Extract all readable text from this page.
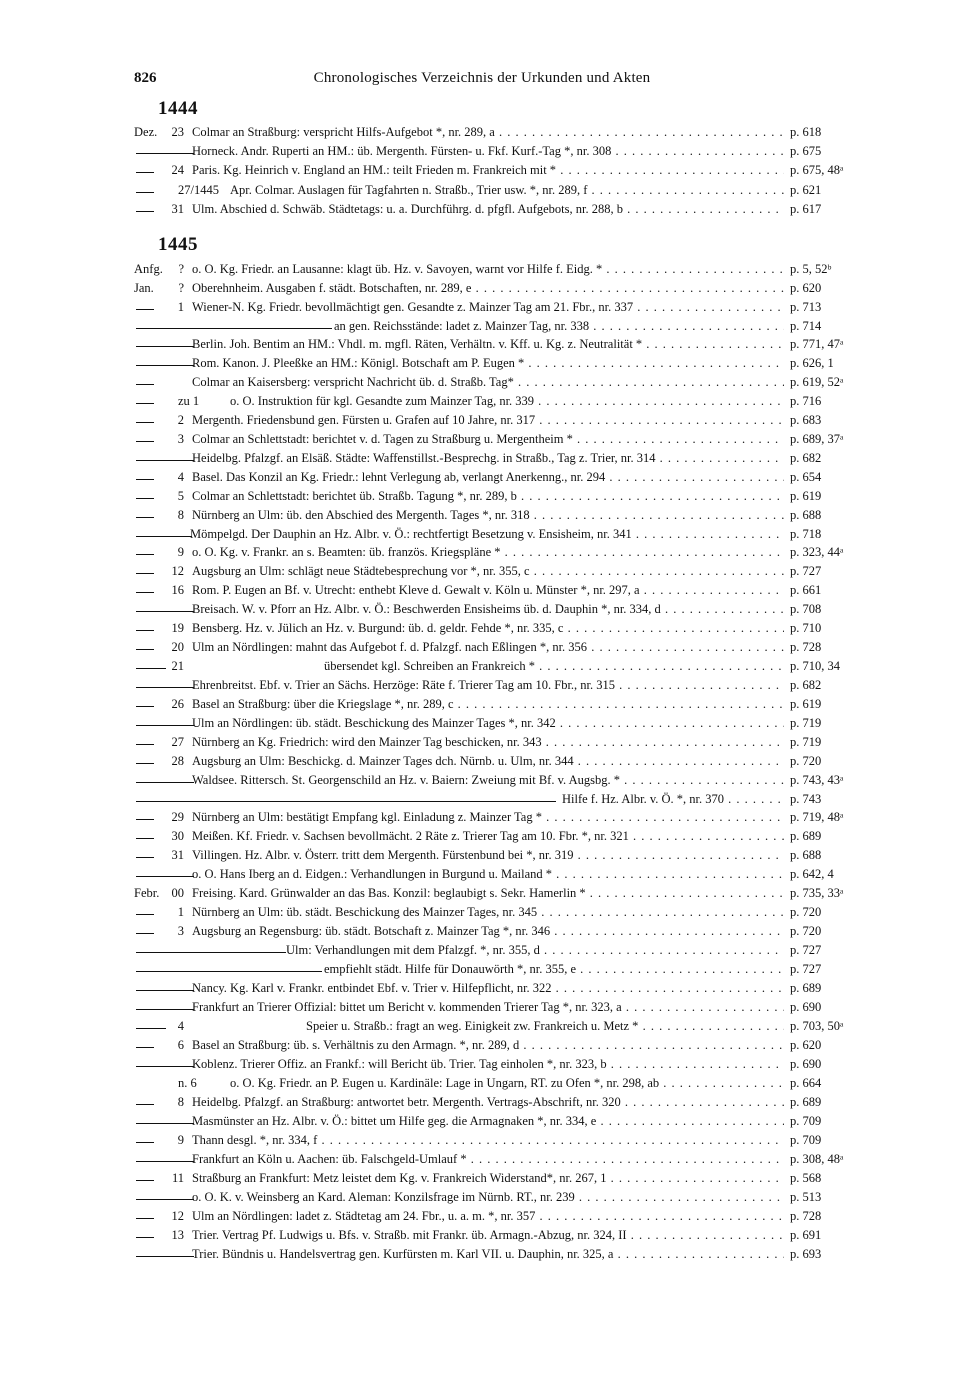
826	Chronologisches Verzeichnis der Urkunden und Akten
1444
Dez.	23 Colmar an Straßburg: verspricht Hilfs-Aufgebot *, nr. 289, a . . .	p. 618
Horneck. Andr. Ruperti an HM.: üb. Mergenth. Fürsten- u. Fkf. Kurf.-Tag *, nr. 308 . . .	p. 675
24 Paris. Kg. Heinrich v. England an HM.: teilt Frieden m. Frankreich mit * . . .	p. 675, 48ᵃ
27/1445 Apr. Colmar. Auslagen für Tagfahrten n. Straßb., Trier usw. *, nr. 289, f . . .	p. 621
31 Ulm. Abschied d. Schwäb. Städtetags: u. a. Durchführg. d. pfgfl. Aufgebots, nr. 288, b . . .	p. 617
1445
Anfg.	? o. O. Kg. Friedr. an Lausanne: klagt üb. Hz. v. Savoyen, warnt vor Hilfe f. Eidg. * . . .	p. 5, 52ᵇ
Jan.	? Oberehnheim. Ausgaben f. städt. Botschaften, nr. 289, e . . .	p. 620
1 Wiener-N. Kg. Friedr. bevollmächtigt gen. Gesandte z. Mainzer Tag am 21. Fbr., nr. 337 . . .	p. 713
an gen. Reichsstände: ladet z. Mainzer Tag, nr. 338 . . .	p. 714
Berlin. Joh. Bentim an HM.: Vhdl. m. mgfl. Räten, Verhältn. v. Kff. u. Kg. z. Neutralität * . . .	p. 771, 47ᵃ
Rom. Kanon. J. Pleeßke an HM.: Königl. Botschaft am P. Eugen * . . .	p. 626, 1
Colmar an Kaisersberg: verspricht Nachricht üb. d. Straßb. Tag* . . .	p. 619, 52ᵃ
zu 1 o. O. Instruktion für kgl. Gesandte zum Mainzer Tag, nr. 339 . . .	p. 716
2 Mergenth. Friedensbund gen. Fürsten u. Grafen auf 10 Jahre, nr. 317 . . .	p. 683
3 Colmar an Schlettstadt: berichtet v. d. Tagen zu Straßburg u. Mergentheim * . . .	p. 689, 37ᵃ
Heidelbg. Pfalzgf. an Elsäß. Städte: Waffenstillst.-Besprechg. in Straßb., Tag z. Trier, nr. 314 . . .	p. 682
4 Basel. Das Konzil an Kg. Friedr.: lehnt Verlegung ab, verlangt Anerkenng., nr. 294 . . .	p. 654
5 Colmar an Schlettstadt: berichtet üb. Straßb. Tagung *, nr. 289, b . . .	p. 619
8 Nürnberg an Ulm: üb. den Abschied des Mergenth. Tages *, nr. 318 . . .	p. 688
Mömpelgd. Der Dauphin an Hz. Albr. v. Ö.: rechtfertigt Besetzung v. Ensisheim, nr. 341 . . .	p. 718
9 o. O. Kg. v. Frankr. an s. Beamten: üb. französ. Kriegspläne * . . .	p. 323, 44ᵃ
12 Augsburg an Ulm: schlägt neue Städtebesprechung vor *, nr. 355, c . . .	p. 727
16 Rom. P. Eugen an Bf. v. Utrecht: enthebt Kleve d. Gewalt v. Köln u. Münster *, nr. 297, a . . .	p. 661
Breisach. W. v. Pforr an Hz. Albr. v. Ö.: Beschwerden Ensisheims üb. d. Dauphin *, nr. 334, d . . .	p. 708
19 Bensberg. Hz. v. Jülich an Hz. v. Burgund: üb. d. geldr. Fehde *, nr. 335, c . . .	p. 710
20 Ulm an Nördlingen: mahnt das Aufgebot f. d. Pfalzgf. nach Eßlingen *, nr. 356 . . .	p. 728
21	übersendet kgl. Schreiben an Frankreich * . . .	p. 710, 34
Ehrenbreitst. Ebf. v. Trier an Sächs. Herzöge: Räte f. Trierer Tag am 10. Fbr., nr. 315 . . .	p. 682
26 Basel an Straßburg: über die Kriegslage *, nr. 289, c . . .	p. 619
Ulm an Nördlingen: üb. städt. Beschickung des Mainzer Tages *, nr. 342 . . .	p. 719
27 Nürnberg an Kg. Friedrich: wird den Mainzer Tag beschicken, nr. 343 . . .	p. 719
28 Augsburg an Ulm: Beschickg. d. Mainzer Tages dch. Nürnb. u. Ulm, nr. 344 . . .	p. 720
Waldsee. Rittersch. St. Georgenschild an Hz. v. Baiern: Zweiung mit Bf. v. Augsbg. * . . .	p. 743, 43ᵃ
Hilfe f. Hz. Albr. v. Ö. *, nr. 370 . . .	p. 743
29 Nürnberg an Ulm: bestätigt Empfang kgl. Einladung z. Mainzer Tag * . . .	p. 719, 48ᵃ
30 Meißen. Kf. Friedr. v. Sachsen bevollmächt. 2 Räte z. Trierer Tag am 10. Fbr. *, nr. 321 . . .	p. 689
31 Villingen. Hz. Albr. v. Österr. tritt dem Mergenth. Fürstenbund bei *, nr. 319 . . .	p. 688
o. O. Hans Iberg an d. Eidgen.: Verhandlungen in Burgund u. Mailand * . . .	p. 642, 4
Febr. 00 Freising. Kard. Grünwalder an das Bas. Konzil: beglaubigt s. Sekr. Hamerlin * . . .	p. 735, 33ᵃ
1 Nürnberg an Ulm: üb. städt. Beschickung des Mainzer Tages, nr. 345 . . .	p. 720
3 Augsburg an Regensburg: üb. städt. Botschaft z. Mainzer Tag *, nr. 346 . . .	p. 720
Ulm: Verhandlungen mit dem Pfalzgf. *, nr. 355, d . . .	p. 727
empfiehlt städt. Hilfe für Donauwörth *, nr. 355, e . . .	p. 727
Nancy. Kg. Karl v. Frankr. entbindet Ebf. v. Trier v. Hilfepflicht, nr. 322 . . .	p. 689
Frankfurt an Trierer Offizial: bittet um Bericht v. kommenden Trierer Tag *, nr. 323, a . . .	p. 690
4	Speier u. Straßb.: fragt an weg. Einigkeit zw. Frankreich u. Metz * . . .	p. 703, 50ᵃ
6 Basel an Straßburg: üb. s. Verhältnis zu den Armagn. *, nr. 289, d . . .	p. 620
Koblenz. Trierer Offiz. an Frankf.: will Bericht üb. Trier. Tag einholen *, nr. 323, b . . .	p. 690
n. 6	o. O. Kg. Friedr. an P. Eugen u. Kardinäle: Lage in Ungarn, RT. zu Ofen *, nr. 298, ab . . .	p. 664
8 Heidelbg. Pfalzgf. an Straßburg: antwortet betr. Mergenth. Vertrags-Abschrift, nr. 320 . . .	p. 689
Masmünster an Hz. Albr. v. Ö.: bittet um Hilfe geg. die Armagnaken *, nr. 334, e . . .	p. 709
9 Thann desgl. *, nr. 334, f . . .	p. 709
Frankfurt an Köln u. Aachen: üb. Falschgeld-Umlauf * . . .	p. 308, 48ᵃ
11 Straßburg an Frankfurt: Metz leistet dem Kg. v. Frankreich Widerstand*, nr. 267, 1 . . .	p. 568
o. O. K. v. Weinsberg an Kard. Aleman: Konzilsfrage im Nürnb. RT., nr. 239 . . .	p. 513
12 Ulm an Nördlingen: ladet z. Städtetag am 24. Fbr., u. a. m. *, nr. 357 . . .	p. 728
13 Trier. Vertrag Pf. Ludwigs u. Bfs. v. Straßb. mit Frankr. üb. Armagn.-Abzug, nr. 324, II . . .	p. 691
Trier. Bündnis u. Handelsvertrag gen. Kurfürsten m. Karl VII. u. Dauphin, nr. 325, a . . .	p. 693
